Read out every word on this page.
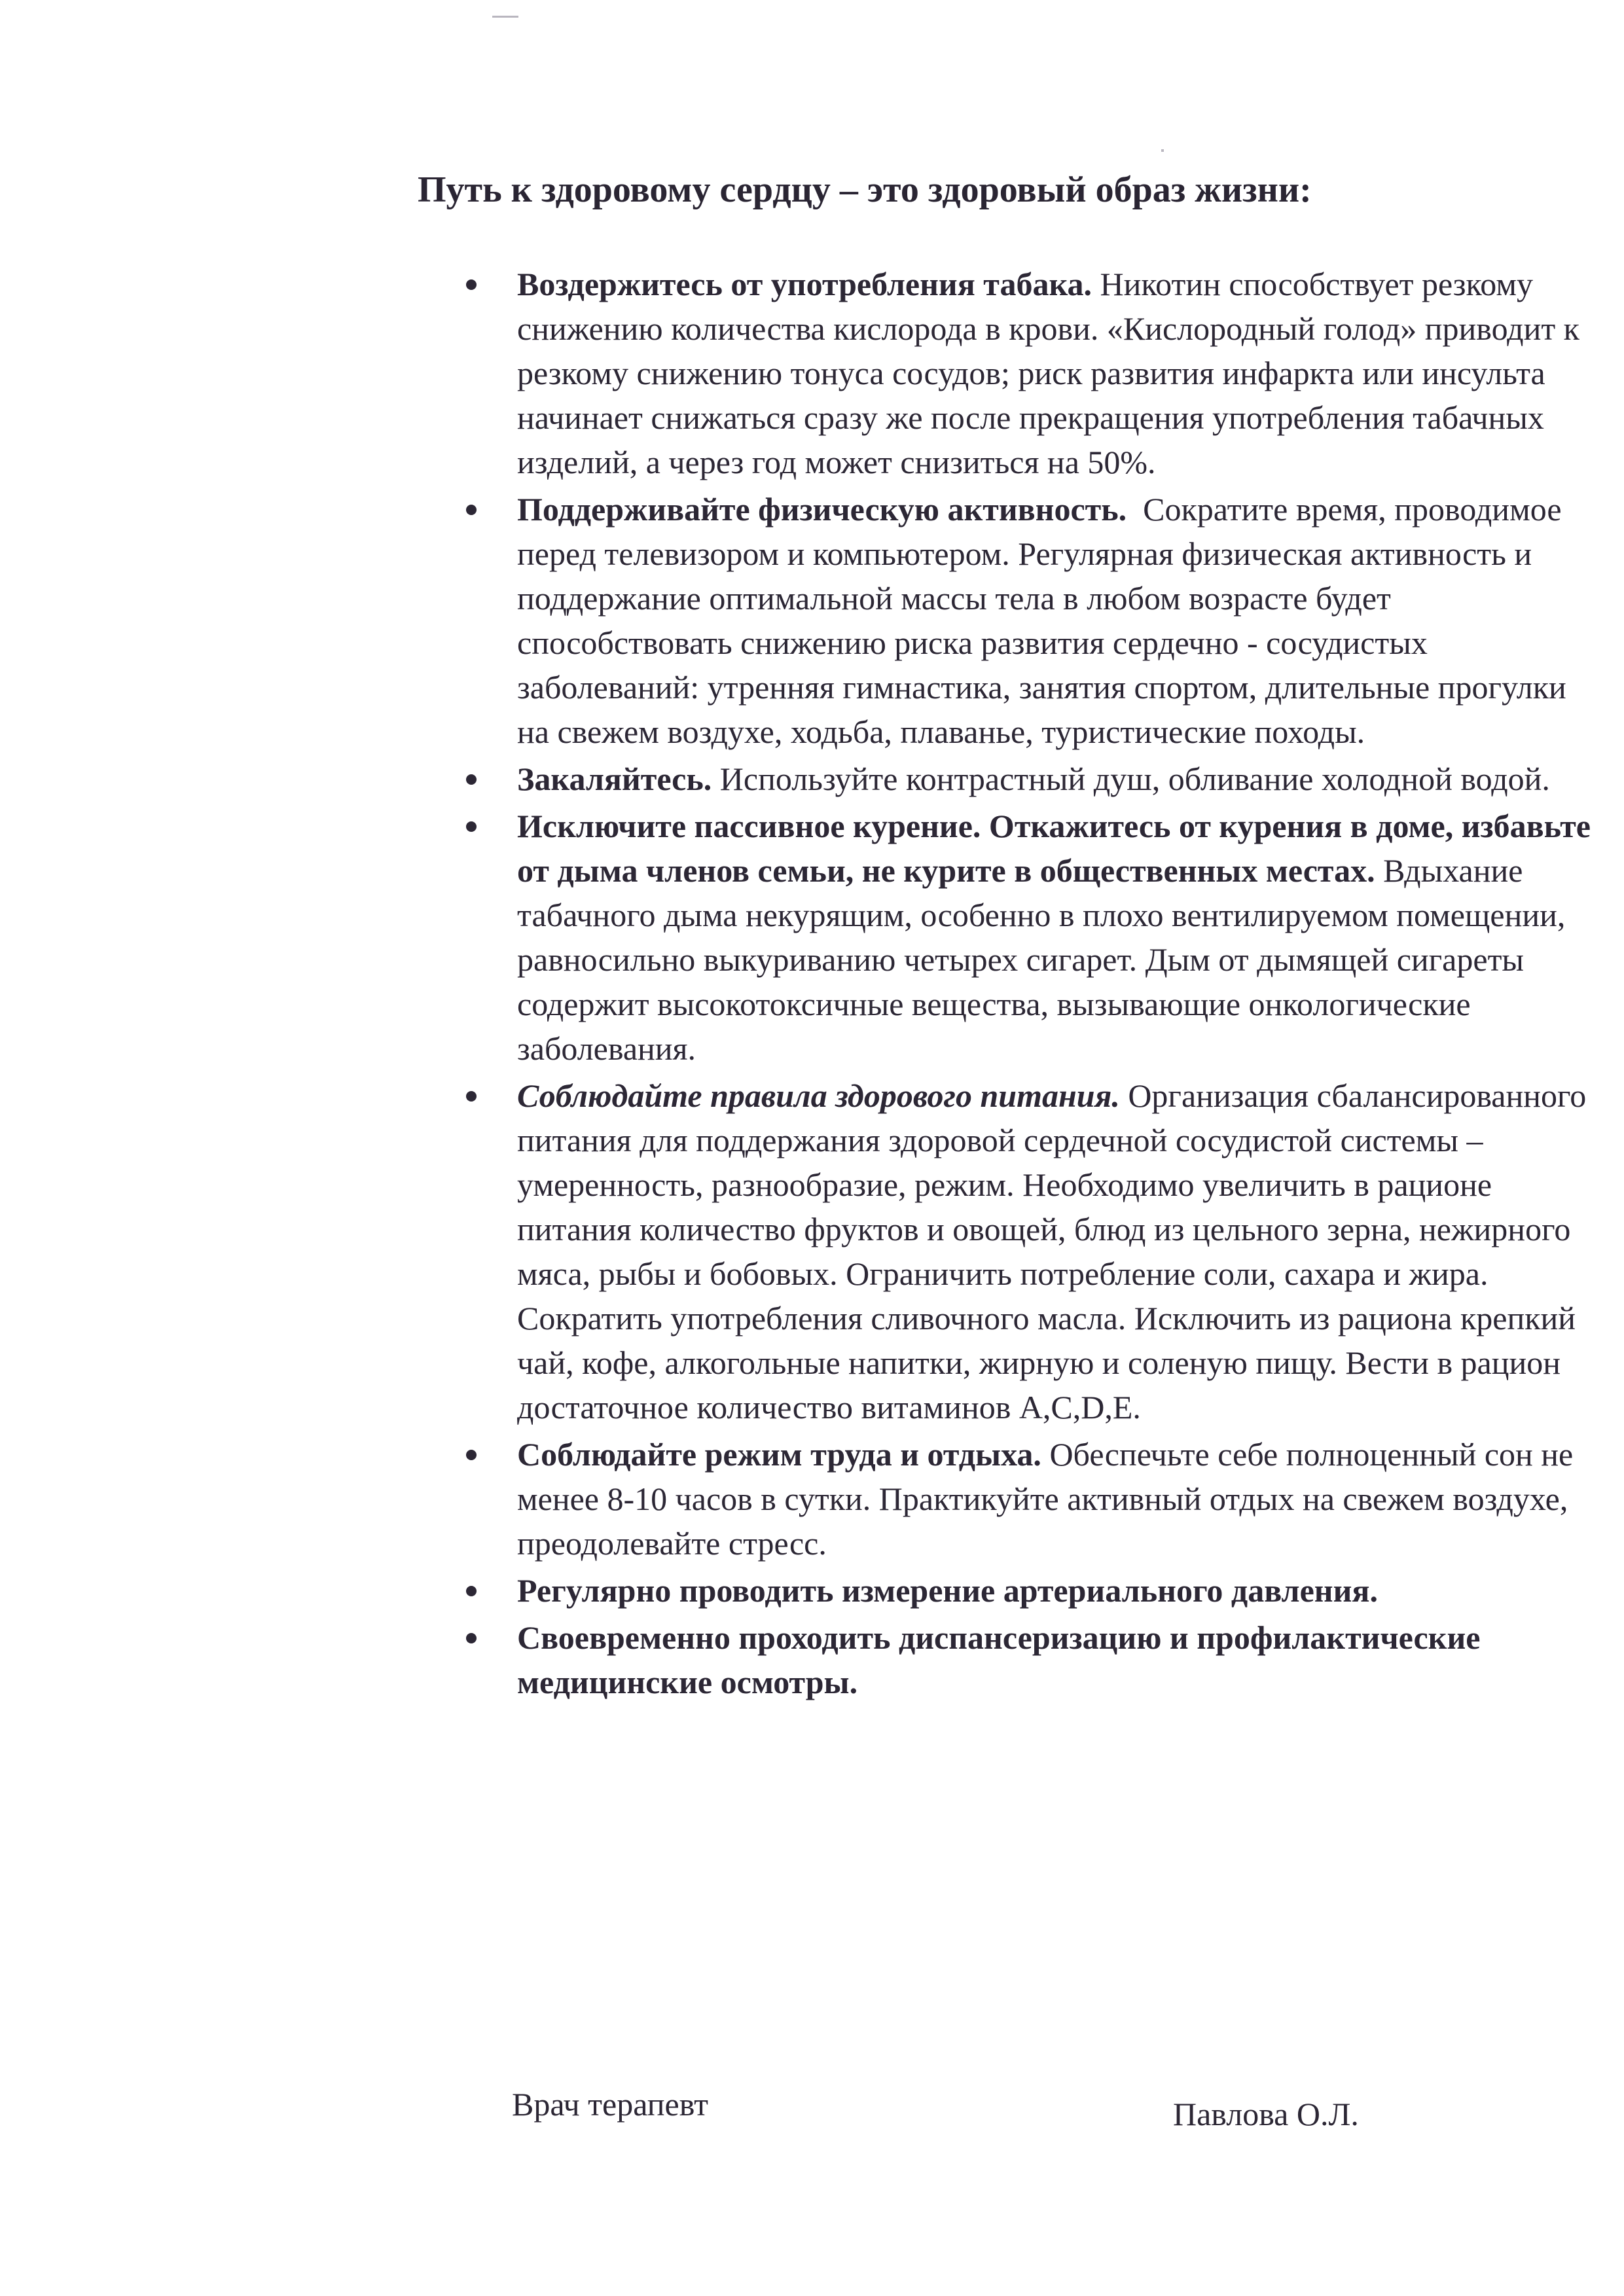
Путь к здоровому сердцу – это здоровый образ жизни:
Воздержитесь от употребления табака. Никотин способствует резкому снижению количества кислорода в крови. «Кислородный голод» приводит к резкому снижению тонуса сосудов; риск развития инфаркта или инсульта начинает снижаться сразу же после прекращения употребления табачных изделий, а через год может снизиться на 50%.
Поддерживайте физическую активность.  Сократите время, проводимое перед телевизором и компьютером. Регулярная физическая активность и поддержание оптимальной массы тела в любом возрасте будет способствовать снижению риска развития сердечно - сосудистых заболеваний: утренняя гимнастика, занятия спортом, длительные прогулки на свежем воздухе, ходьба, плаванье, туристические походы.
Закаляйтесь. Используйте контрастный душ, обливание холодной водой.
Исключите пассивное курение. Откажитесь от курения в доме, избавьте от дыма членов семьи, не курите в общественных местах. Вдыхание табачного дыма некурящим, особенно в плохо вентилируемом помещении, равносильно выкуриванию четырех сигарет. Дым от дымящей сигареты содержит высокотоксичные вещества, вызывающие онкологические заболевания.
Соблюдайте правила здорового питания. Организация сбалансированного питания для поддержания здоровой сердечной сосудистой системы – умеренность, разнообразие, режим. Необходимо увеличить в рационе питания количество фруктов и овощей, блюд из цельного зерна, нежирного мяса, рыбы и бобовых. Ограничить потребление соли, сахара и жира. Сократить употребления сливочного масла. Исключить из рациона крепкий чай, кофе, алкогольные напитки, жирную и соленую пищу. Вести в рацион достаточное количество витаминов A,C,D,E.
Соблюдайте режим труда и отдыха. Обеспечьте себе полноценный сон не менее 8-10 часов в сутки. Практикуйте активный отдых на свежем воздухе, преодолевайте стресс.
Регулярно проводить измерение артериального давления.
Своевременно проходить диспансеризацию и профилактические медицинские осмотры.
Врач терапевт	Павлова О.Л.
